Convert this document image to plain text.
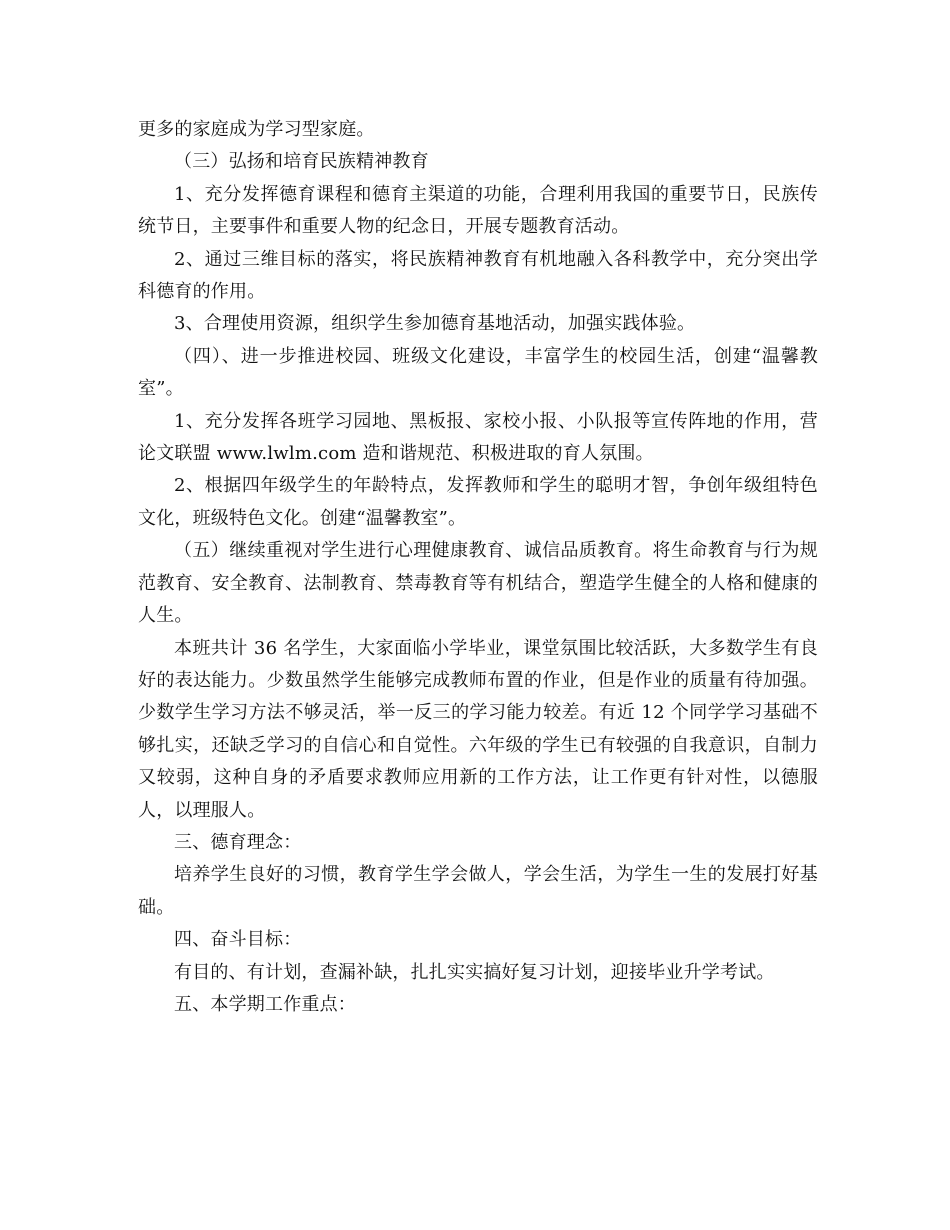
更多的家庭成为学习型家庭。

（三）弘扬和培育民族精神教育

1、充分发挥德育课程和德育主渠道的功能，合理利用我国的重要节日，民族传统节日，主要事件和重要人物的纪念日，开展专题教育活动。

2、通过三维目标的落实，将民族精神教育有机地融入各科教学中，充分突出学科德育的作用。

3、合理使用资源，组织学生参加德育基地活动，加强实践体验。

（四）、进一步推进校园、班级文化建设，丰富学生的校园生活，创建“温馨教室”。

1、充分发挥各班学习园地、黑板报、家校小报、小队报等宣传阵地的作用，营 论文联盟 www.lwlm.com 造和谐规范、积极进取的育人氛围。

2、根据四年级学生的年龄特点，发挥教师和学生的聪明才智，争创年级组特色文化，班级特色文化。创建“温馨教室”。

（五）继续重视对学生进行心理健康教育、诚信品质教育。将生命教育与行为规范教育、安全教育、法制教育、禁毒教育等有机结合，塑造学生健全的人格和健康的人生。

本班共计 36 名学生，大家面临小学毕业，课堂氛围比较活跃，大多数学生有良好的表达能力。少数虽然学生能够完成教师布置的作业，但是作业的质量有待加强。少数学生学习方法不够灵活，举一反三的学习能力较差。有近 12 个同学学习基础不够扎实，还缺乏学习的自信心和自觉性。六年级的学生已有较强的自我意识，自制力又较弱，这种自身的矛盾要求教师应用新的工作方法，让工作更有针对性，以德服人，以理服人。

三、德育理念：

培养学生良好的习惯，教育学生学会做人，学会生活，为学生一生的发展打好基础。

四、奋斗目标：

有目的、有计划，查漏补缺，扎扎实实搞好复习计划，迎接毕业升学考试。

五、本学期工作重点：
